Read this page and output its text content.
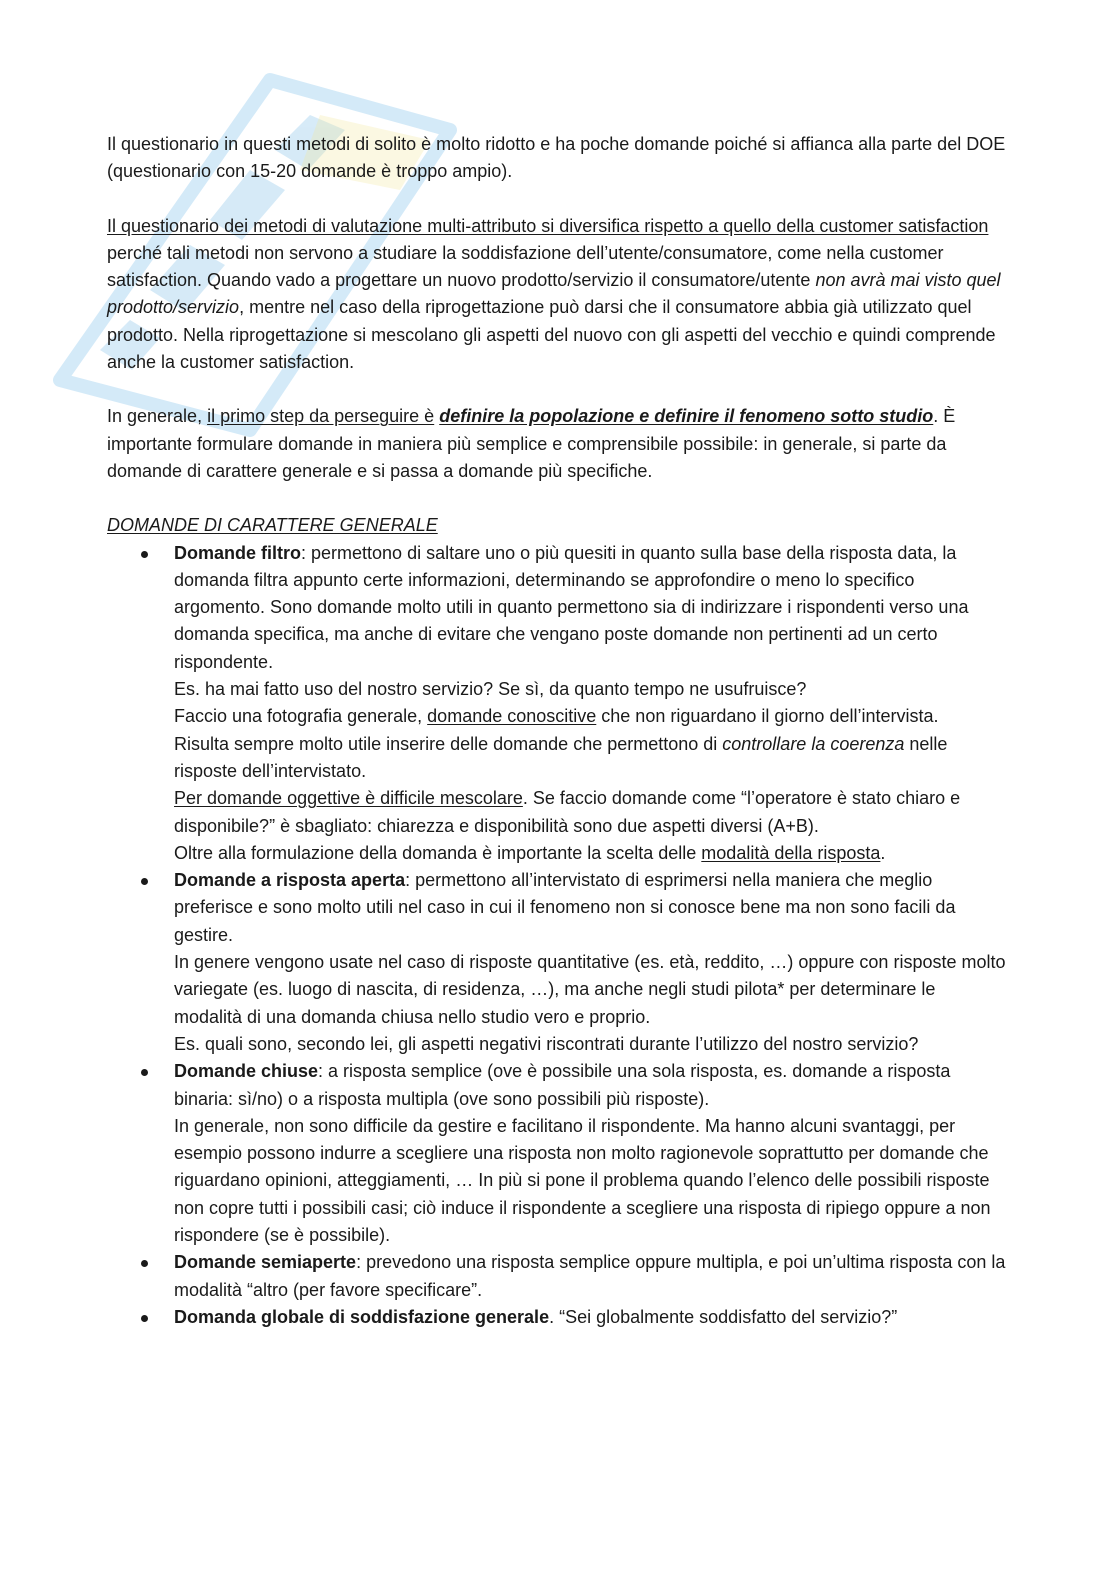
Il questionario in questi metodi di solito è molto ridotto e ha poche domande poiché si affianca alla parte del DOE (questionario con 15-20 domande è troppo ampio).

Il questionario dei metodi di valutazione multi-attributo si diversifica rispetto a quello della customer satisfaction perché tali metodi non servono a studiare la soddisfazione dell’utente/consumatore, come nella customer satisfaction. Quando vado a progettare un nuovo prodotto/servizio il consumatore/utente non avrà mai visto quel prodotto/servizio, mentre nel caso della riprogettazione può darsi che il consumatore abbia già utilizzato quel prodotto. Nella riprogettazione si mescolano gli aspetti del nuovo con gli aspetti del vecchio e quindi comprende anche la customer satisfaction.

In generale, il primo step da perseguire è definire la popolazione e definire il fenomeno sotto studio. È importante formulare domande in maniera più semplice e comprensibile possibile: in generale, si parte da domande di carattere generale e si passa a domande più specifiche.

DOMANDE DI CARATTERE GENERALE
Domande filtro: permettono di saltare uno o più quesiti in quanto sulla base della risposta data, la domanda filtra appunto certe informazioni, determinando se approfondire o meno lo specifico argomento. Sono domande molto utili in quanto permettono sia di indirizzare i rispondenti verso una domanda specifica, ma anche di evitare che vengano poste domande non pertinenti ad un certo rispondente.
Es. ha mai fatto uso del nostro servizio? Se sì, da quanto tempo ne usufruisce?
Faccio una fotografia generale, domande conoscitive che non riguardano il giorno dell’intervista.
Risulta sempre molto utile inserire delle domande che permettono di controllare la coerenza nelle risposte dell’intervistato.
Per domande oggettive è difficile mescolare. Se faccio domande come “l’operatore è stato chiaro e disponibile?” è sbagliato: chiarezza e disponibilità sono due aspetti diversi (A+B).
Oltre alla formulazione della domanda è importante la scelta delle modalità della risposta.
Domande a risposta aperta: permettono all’intervistato di esprimersi nella maniera che meglio preferisce e sono molto utili nel caso in cui il fenomeno non si conosce bene ma non sono facili da gestire.
In genere vengono usate nel caso di risposte quantitative (es. età, reddito, …) oppure con risposte molto variegate (es. luogo di nascita, di residenza, …), ma anche negli studi pilota* per determinare le modalità di una domanda chiusa nello studio vero e proprio.
Es. quali sono, secondo lei, gli aspetti negativi riscontrati durante l’utilizzo del nostro servizio?
Domande chiuse: a risposta semplice (ove è possibile una sola risposta, es. domande a risposta binaria: sì/no) o a risposta multipla (ove sono possibili più risposte).
In generale, non sono difficile da gestire e facilitano il rispondente. Ma hanno alcuni svantaggi, per esempio possono indurre a scegliere una risposta non molto ragionevole soprattutto per domande che riguardano opinioni, atteggiamenti, … In più si pone il problema quando l’elenco delle possibili risposte non copre tutti i possibili casi; ciò induce il rispondente a scegliere una risposta di ripiego oppure a non rispondere (se è possibile).
Domande semiaperte: prevedono una risposta semplice oppure multipla, e poi un’ultima risposta con la modalità “altro (per favore specificare”.
Domanda globale di soddisfazione generale. “Sei globalmente soddisfatto del servizio?”
